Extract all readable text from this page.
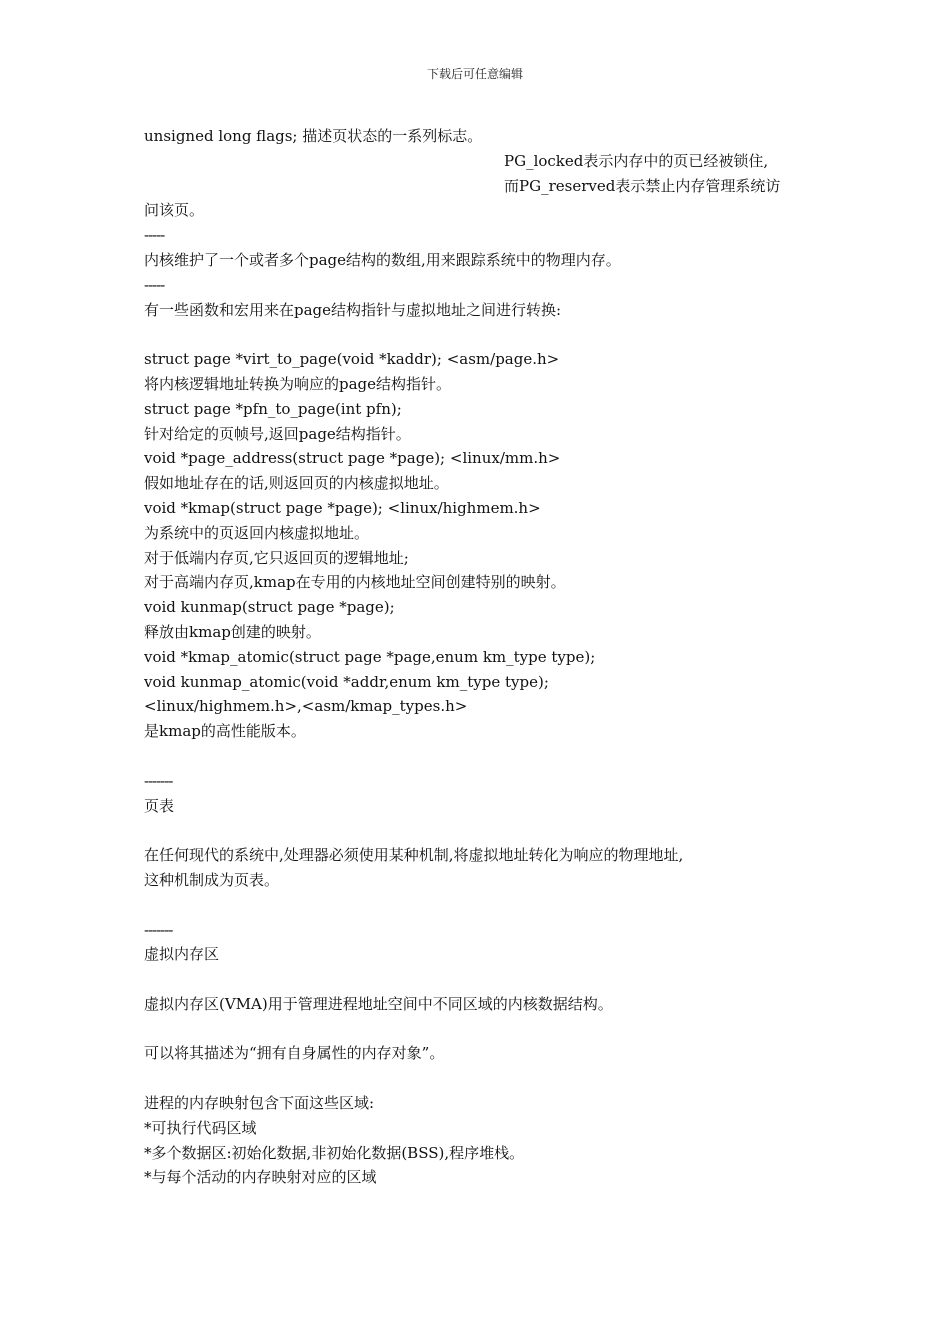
下载后可任意编辑
unsigned long flags; 描述页状态的一系列标志。
PG_locked表示内存中的页已经被锁住,
而PG_reserved表示禁止内存管理系统访
问该页。
-----
内核维护了一个或者多个page结构的数组,用来跟踪系统中的物理内存。
-----
有一些函数和宏用来在page结构指针与虚拟地址之间进行转换:
struct page *virt_to_page(void *kaddr); <asm/page.h>
将内核逻辑地址转换为响应的page结构指针。
struct page *pfn_to_page(int pfn);
针对给定的页帧号,返回page结构指针。
void *page_address(struct page *page); <linux/mm.h>
假如地址存在的话,则返回页的内核虚拟地址。
void *kmap(struct page *page); <linux/highmem.h>
为系统中的页返回内核虚拟地址。
对于低端内存页,它只返回页的逻辑地址;
对于高端内存页,kmap在专用的内核地址空间创建特别的映射。
void kunmap(struct page *page);
释放由kmap创建的映射。
void *kmap_atomic(struct page *page,enum km_type type);
void kunmap_atomic(void *addr,enum km_type type);
<linux/highmem.h>,<asm/kmap_types.h>
是kmap的高性能版本。
-------
页表
在任何现代的系统中,处理器必须使用某种机制,将虚拟地址转化为响应的物理地址,
这种机制成为页表。
-------
虚拟内存区
虚拟内存区(VMA)用于管理进程地址空间中不同区域的内核数据结构。
可以将其描述为“拥有自身属性的内存对象”。
进程的内存映射包含下面这些区域:
*可执行代码区域
*多个数据区:初始化数据,非初始化数据(BSS),程序堆栈。
*与每个活动的内存映射对应的区域
